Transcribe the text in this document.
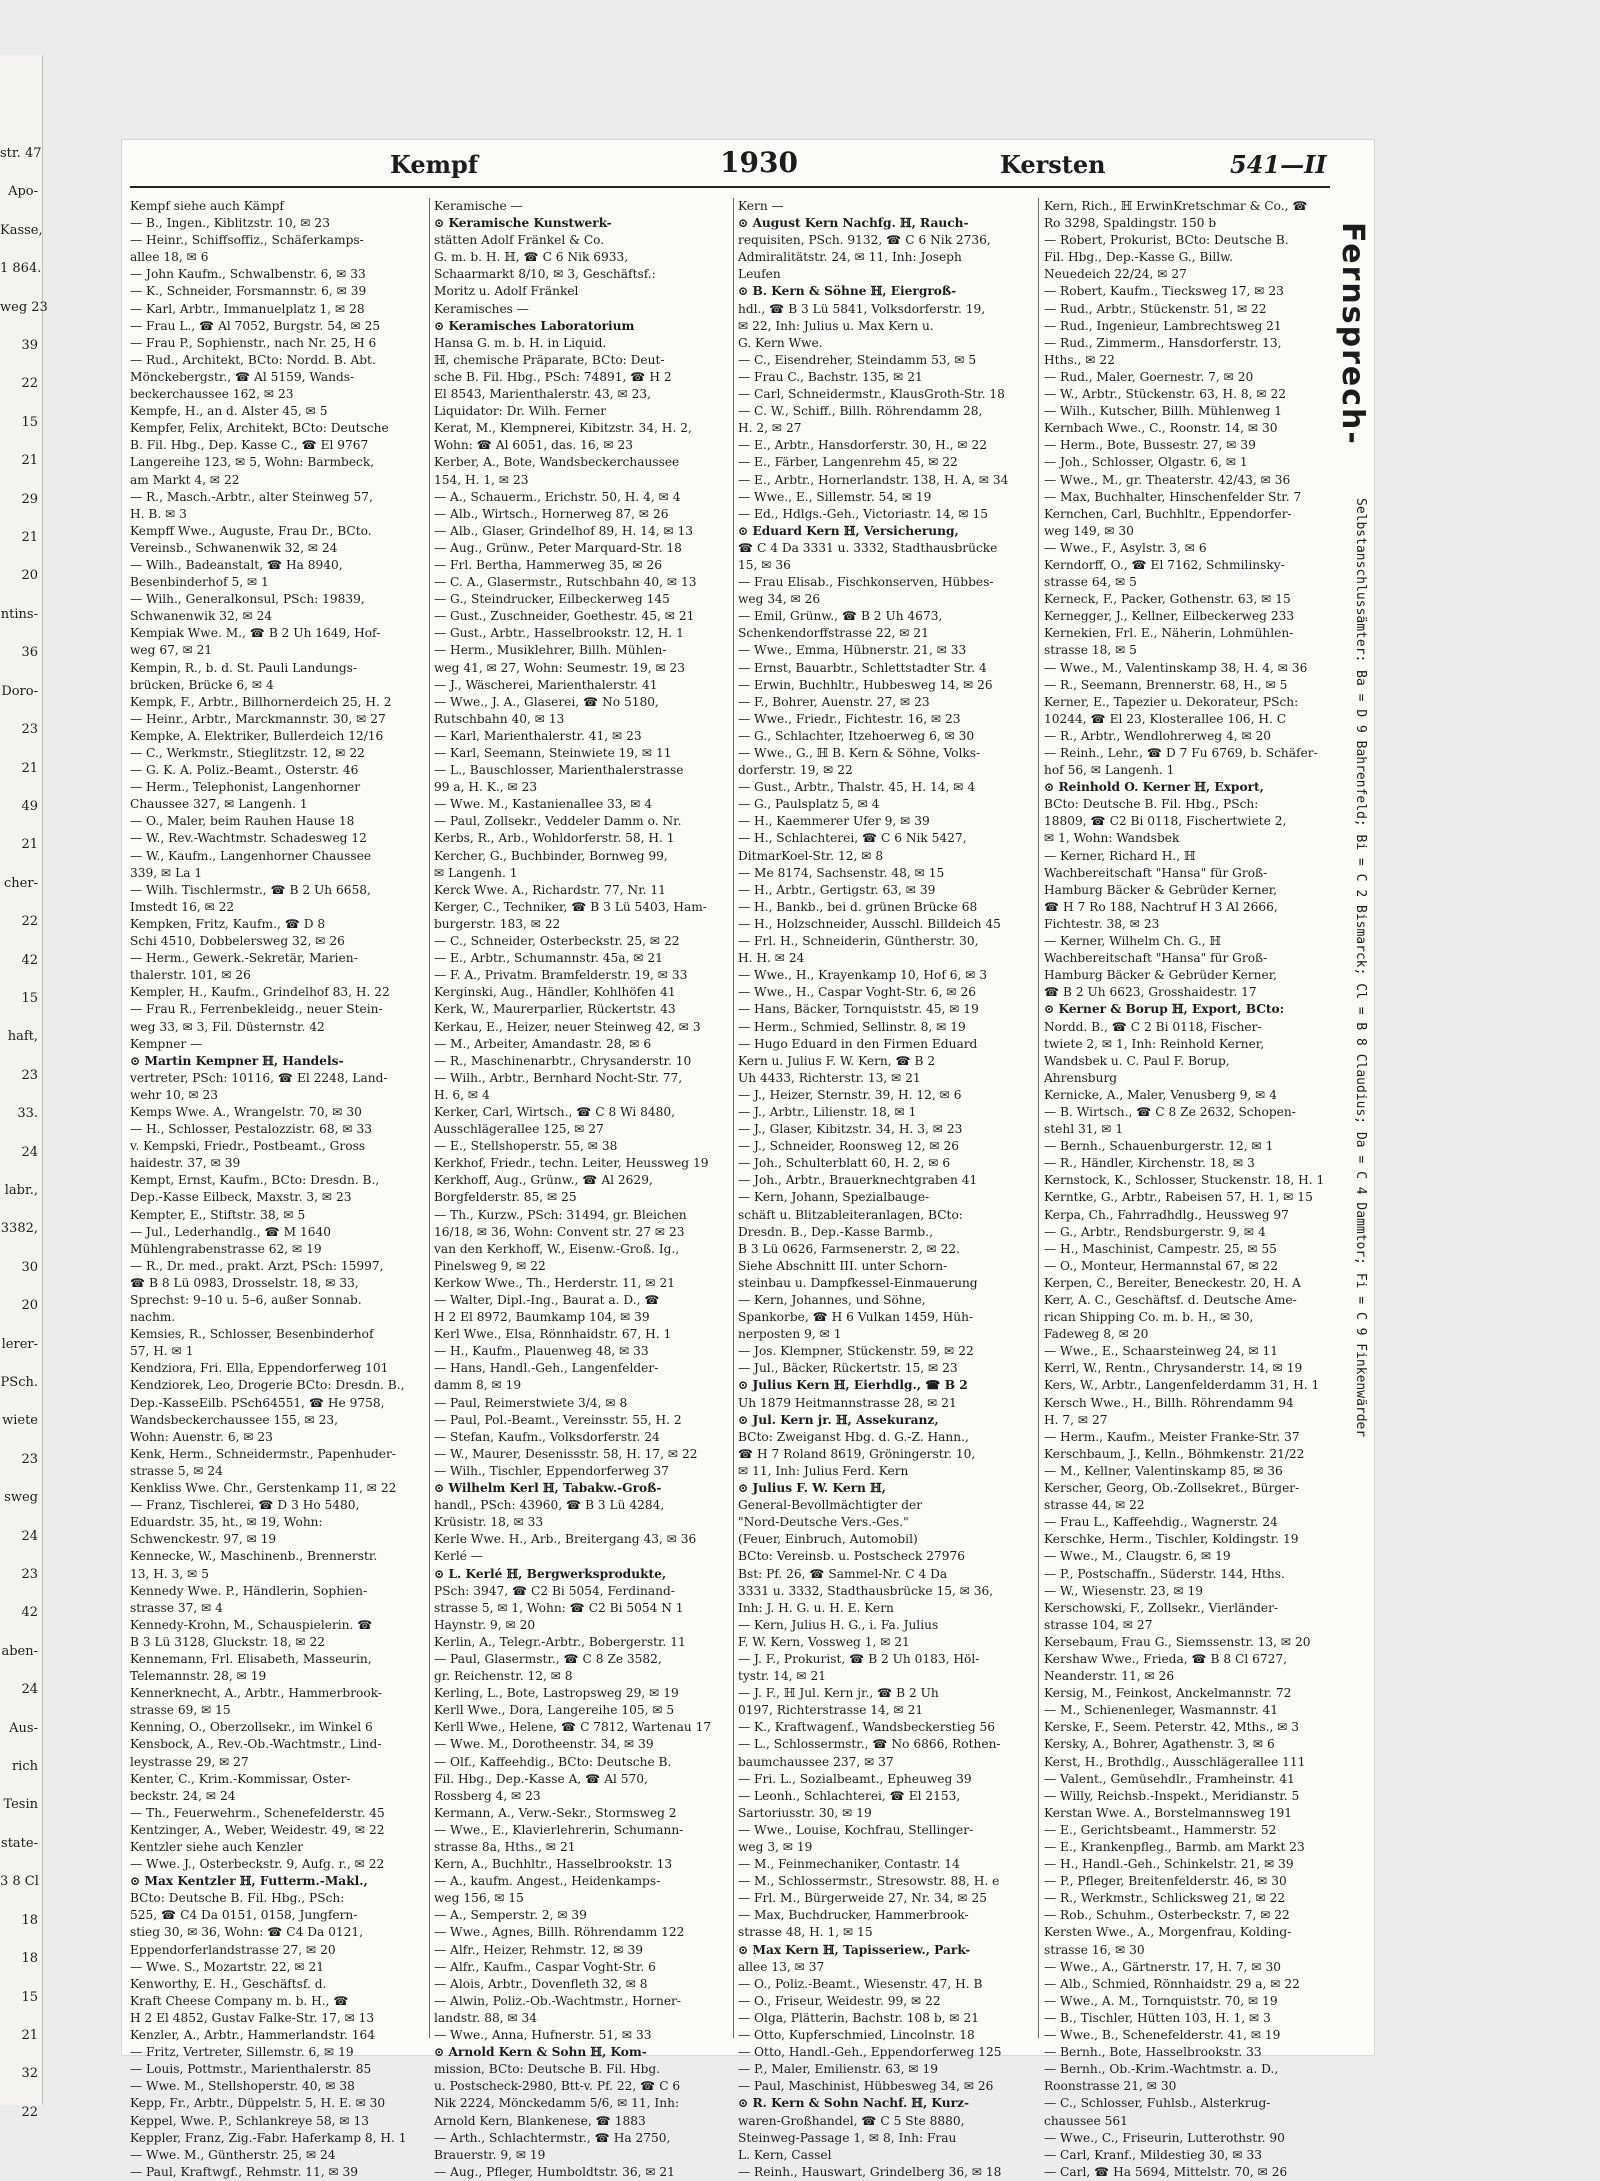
str. 47
Apo-
Kasse,
1 864.
weg 23
39
22
15
21
29
21
20
ntins-
36
Doro-
23
21
49
21
cher-
22
42
15
haft,
23
33.
24
labr.,
3382,
30
20
lerer-
PSch.
wiete
23
sweg
24
23
42
aben-
24
Aus-
rich
Tesin
state-
3 8 Cl
18
18
15
21
32
22
Kempf	1930	Kersten	541—II

Kempf siehe auch Kämpf

— B., Ingen., Kiblitzstr. 10, ✉ 23

— Heinr., Schiffsoffiz., Schäferkamps-

allee 18, ✉ 6

— John Kaufm., Schwalbenstr. 6, ✉ 33

— K., Schneider, Forsmannstr. 6, ✉ 39

— Karl, Arbtr., Immanuelplatz 1, ✉ 28

— Frau L., ☎ Al 7052, Burgstr. 54, ✉ 25

— Frau P., Sophienstr., nach Nr. 25, H 6

— Rud., Architekt, BCto: Nordd. B. Abt.

Mönckebergstr., ☎ Al 5159, Wands-

beckerchaussee 162, ✉ 23

Kempfe, H., an d. Alster 45, ✉ 5

Kempfer, Felix, Architekt, BCto: Deutsche

B. Fil. Hbg., Dep. Kasse C., ☎ El 9767

Langereihe 123, ✉ 5, Wohn: Barmbeck,

am Markt 4, ✉ 22

— R., Masch.-Arbtr., alter Steinweg 57,

H. B. ✉ 3

Kempff Wwe., Auguste, Frau Dr., BCto.

Vereinsb., Schwanenwik 32, ✉ 24

— Wilh., Badeanstalt, ☎ Ha 8940,

Besenbinderhof 5, ✉ 1

— Wilh., Generalkonsul, PSch: 19839,

Schwanenwik 32, ✉ 24

Kempiak Wwe. M., ☎ B 2 Uh 1649, Hof-

weg 67, ✉ 21

Kempin, R., b. d. St. Pauli Landungs-

brücken, Brücke 6, ✉ 4

Kempk, F., Arbtr., Billhornerdeich 25, H. 2

— Heinr., Arbtr., Marckmannstr. 30, ✉ 27

Kempke, A. Elektriker, Bullerdeich 12/16

— C., Werkmstr., Stieglitzstr. 12, ✉ 22

— G. K. A. Poliz.-Beamt., Osterstr. 46

— Herm., Telephonist, Langenhorner

Chaussee 327, ✉ Langenh. 1

— O., Maler, beim Rauhen Hause 18

— W., Rev.-Wachtmstr. Schadesweg 12

— W., Kaufm., Langenhorner Chaussee

339, ✉ La 1

— Wilh. Tischlermstr., ☎ B 2 Uh 6658,

Imstedt 16, ✉ 22

Kempken, Fritz, Kaufm., ☎ D 8

Schi 4510, Dobbelersweg 32, ✉ 26

— Herm., Gewerk.-Sekretär, Marien-

thalerstr. 101, ✉ 26

Kempler, H., Kaufm., Grindelhof 83, H. 22

— Frau R., Ferrenbekleidg., neuer Stein-

weg 33, ✉ 3, Fil. Düsternstr. 42

Kempner —

⊙ Martin Kempner ℍ, Handels-

vertreter, PSch: 10116, ☎ El 2248, Land-

wehr 10, ✉ 23

Kemps Wwe. A., Wrangelstr. 70, ✉ 30

— H., Schlosser, Pestalozzistr. 68, ✉ 33

v. Kempski, Friedr., Postbeamt., Gross

haidestr. 37, ✉ 39

Kempt, Ernst, Kaufm., BCto: Dresdn. B.,

Dep.-Kasse Eilbeck, Maxstr. 3, ✉ 23

Kempter, E., Stiftstr. 38, ✉ 5

— Jul., Lederhandlg., ☎ M 1640

Mühlengrabenstrasse 62, ✉ 19

— R., Dr. med., prakt. Arzt, PSch: 15997,

☎ B 8 Lü 0983, Drosselstr. 18, ✉ 33,

Sprechst: 9–10 u. 5–6, außer Sonnab.

nachm.

Kemsies, R., Schlosser, Besenbinderhof

57, H. ✉ 1

Kendziora, Fri. Ella, Eppendorferweg 101

Kendziorek, Leo, Drogerie BCto: Dresdn. B.,

Dep.-KasseEilb. PSch64551, ☎ He 9758,

Wandsbeckerchaussee 155, ✉ 23,

Wohn: Auenstr. 6, ✉ 23

Kenk, Herm., Schneidermstr., Papenhuder-

strasse 5, ✉ 24

Kenkliss Wwe. Chr., Gerstenkamp 11, ✉ 22

— Franz, Tischlerei, ☎ D 3 Ho 5480,

Eduardstr. 35, ht., ✉ 19, Wohn:

Schwenckestr. 97, ✉ 19

Kennecke, W., Maschinenb., Brennerstr.

13, H. 3, ✉ 5

Kennedy Wwe. P., Händlerin, Sophien-

strasse 37, ✉ 4

Kennedy-Krohn, M., Schauspielerin. ☎

B 3 Lü 3128, Gluckstr. 18, ✉ 22

Kennemann, Frl. Elisabeth, Masseurin,

Telemannstr. 28, ✉ 19

Kennerknecht, A., Arbtr., Hammerbrook-

strasse 69, ✉ 15

Kenning, O., Oberzollsekr., im Winkel 6

Kensbock, A., Rev.-Ob.-Wachtmstr., Lind-

leystrasse 29, ✉ 27

Kenter, C., Krim.-Kommissar, Oster-

beckstr. 24, ✉ 24

— Th., Feuerwehrm., Schenefelderstr. 45

Kentzinger, A., Weber, Weidestr. 49, ✉ 22

Kentzler siehe auch Kenzler

— Wwe. J., Osterbeckstr. 9, Aufg. r., ✉ 22

⊙ Max Kentzler ℍ, Futterm.-Makl.,

BCto: Deutsche B. Fil. Hbg., PSch:

525, ☎ C4 Da 0151, 0158, Jungfern-

stieg 30, ✉ 36, Wohn: ☎ C4 Da 0121,

Eppendorferlandstrasse 27, ✉ 20

— Wwe. S., Mozartstr. 22, ✉ 21

Kenworthy, E. H., Geschäftsf. d.

Kraft Cheese Company m. b. H., ☎

H 2 El 4852, Gustav Falke-Str. 17, ✉ 13

Kenzler, A., Arbtr., Hammerlandstr. 164

— Fritz, Vertreter, Sillemstr. 6, ✉ 19

— Louis, Pottmstr., Marienthalerstr. 85

— Wwe. M., Stellshoperstr. 40, ✉ 38

Kepp, Fr., Arbtr., Düppelstr. 5, H. E. ✉ 30

Keppel, Wwe. P., Schlankreye 58, ✉ 13

Keppler, Franz, Zig.-Fabr. Haferkamp 8, H. 1

— Wwe. M., Güntherstr. 25, ✉ 24

— Paul, Kraftwgf., Rehmstr. 11, ✉ 39

Keramische —

⊙ Keramische Kunstwerk-

stätten Adolf Fränkel & Co.

G. m. b. H. ℍ, ☎ C 6 Nik 6933,

Schaarmarkt 8/10, ✉ 3, Geschäftsf.:

Moritz u. Adolf Fränkel

Keramisches —

⊙ Keramisches Laboratorium

Hansa G. m. b. H. in Liquid.

ℍ, chemische Präparate, BCto: Deut-

sche B. Fil. Hbg., PSch: 74891, ☎ H 2

El 8543, Marienthalerstr. 43, ✉ 23,

Liquidator: Dr. Wilh. Ferner

Kerat, M., Klempnerei, Kibitzstr. 34, H. 2,

Wohn: ☎ Al 6051, das. 16, ✉ 23

Kerber, A., Bote, Wandsbeckerchaussee

154, H. 1, ✉ 23

— A., Schauerm., Erichstr. 50, H. 4, ✉ 4

— Alb., Wirtsch., Hornerweg 87, ✉ 26

— Alb., Glaser, Grindelhof 89, H. 14, ✉ 13

— Aug., Grünw., Peter Marquard-Str. 18

— Frl. Bertha, Hammerweg 35, ✉ 26

— C. A., Glasermstr., Rutschbahn 40, ✉ 13

— G., Steindrucker, Eilbeckerweg 145

— Gust., Zuschneider, Goethestr. 45, ✉ 21

— Gust., Arbtr., Hasselbrookstr. 12, H. 1

— Herm., Musiklehrer, Billh. Mühlen-

weg 41, ✉ 27, Wohn: Seumestr. 19, ✉ 23

— J., Wäscherei, Marienthalerstr. 41

— Wwe., J. A., Glaserei, ☎ No 5180,

Rutschbahn 40, ✉ 13

— Karl, Marienthalerstr. 41, ✉ 23

— Karl, Seemann, Steinwiete 19, ✉ 11

— L., Bauschlosser, Marienthalerstrasse

99 a, H. K., ✉ 23

— Wwe. M., Kastanienallee 33, ✉ 4

— Paul, Zollsekr., Veddeler Damm o. Nr.

Kerbs, R., Arb., Wohldorferstr. 58, H. 1

Kercher, G., Buchbinder, Bornweg 99,

✉ Langenh. 1

Kerck Wwe. A., Richardstr. 77, Nr. 11

Kerger, C., Techniker, ☎ B 3 Lü 5403, Ham-

burgerstr. 183, ✉ 22

— C., Schneider, Osterbeckstr. 25, ✉ 22

— E., Arbtr., Schumannstr. 45a, ✉ 21

— F. A., Privatm. Bramfelderstr. 19, ✉ 33

Kerginski, Aug., Händler, Kohlhöfen 41

Kerk, W., Maurerparlier, Rückertstr. 43

Kerkau, E., Heizer, neuer Steinweg 42, ✉ 3

— M., Arbeiter, Amandastr. 28, ✉ 6

— R., Maschinenarbtr., Chrysanderstr. 10

— Wilh., Arbtr., Bernhard Nocht-Str. 77,

H. 6, ✉ 4

Kerker, Carl, Wirtsch., ☎ C 8 Wi 8480,

Ausschlägerallee 125, ✉ 27

— E., Stellshoperstr. 55, ✉ 38

Kerkhof, Friedr., techn. Leiter, Heussweg 19

Kerkhoff, Aug., Grünw., ☎ Al 2629,

Borgfelderstr. 85, ✉ 25

— Th., Kurzw., PSch: 31494, gr. Bleichen

16/18, ✉ 36, Wohn: Convent str. 27 ✉ 23

van den Kerkhoff, W., Eisenw.-Groß. Ig.,

Pinelsweg 9, ✉ 22

Kerkow Wwe., Th., Herderstr. 11, ✉ 21

— Walter, Dipl.-Ing., Baurat a. D., ☎

H 2 El 8972, Baumkamp 104, ✉ 39

Kerl Wwe., Elsa, Rönnhaidstr. 67, H. 1

— H., Kaufm., Plauenweg 48, ✉ 33

— Hans, Handl.-Geh., Langenfelder-

damm 8, ✉ 19

— Paul, Reimerstwiete 3/4, ✉ 8

— Paul, Pol.-Beamt., Vereinsstr. 55, H. 2

— Stefan, Kaufm., Volksdorferstr. 24

— W., Maurer, Desenissstr. 58, H. 17, ✉ 22

— Wilh., Tischler, Eppendorferweg 37

⊙ Wilhelm Kerl ℍ, Tabakw.-Groß-

handl., PSch: 43960, ☎ B 3 Lü 4284,

Krüsistr. 18, ✉ 33

Kerle Wwe. H., Arb., Breitergang 43, ✉ 36

Kerlé —

⊙ L. Kerlé ℍ, Bergwerksprodukte,

PSch: 3947, ☎ C2 Bi 5054, Ferdinand-

strasse 5, ✉ 1, Wohn: ☎ C2 Bi 5054 N 1

Haynstr. 9, ✉ 20

Kerlin, A., Telegr.-Arbtr., Bobergerstr. 11

— Paul, Glasermstr., ☎ C 8 Ze 3582,

gr. Reichenstr. 12, ✉ 8

Kerling, L., Bote, Lastropsweg 29, ✉ 19

Kerll Wwe., Dora, Langereihe 105, ✉ 5

Kerll Wwe., Helene, ☎ C 7812, Wartenau 17

— Wwe. M., Dorotheenstr. 34, ✉ 39

— Olf., Kaffeehdig., BCto: Deutsche B.

Fil. Hbg., Dep.-Kasse A, ☎ Al 570,

Rossberg 4, ✉ 23

Kermann, A., Verw.-Sekr., Stormsweg 2

— Wwe., E., Klavierlehrerin, Schumann-

strasse 8a, Hths., ✉ 21

Kern, A., Buchhltr., Hasselbrookstr. 13

— A., kaufm. Angest., Heidenkamps-

weg 156, ✉ 15

— A., Semperstr. 2, ✉ 39

— Wwe., Agnes, Billh. Röhrendamm 122

— Alfr., Heizer, Rehmstr. 12, ✉ 39

— Alfr., Kaufm., Caspar Voght-Str. 6

— Alois, Arbtr., Dovenfleth 32, ✉ 8

— Alwin, Poliz.-Ob.-Wachtmstr., Horner-

landstr. 88, ✉ 34

— Wwe., Anna, Hufnerstr. 51, ✉ 33

⊙ Arnold Kern & Sohn ℍ, Kom-

mission, BCto: Deutsche B. Fil. Hbg.

u. Postscheck-2980, Btt-v. Pf. 22, ☎ C 6

Nik 2224, Mönckedamm 5/6, ✉ 11, Inh:

Arnold Kern, Blankenese, ☎ 1883

— Arth., Schlachtermstr., ☎ Ha 2750,

Brauerstr. 9, ✉ 19

— Aug., Pfleger, Humboldtstr. 36, ✉ 21

Kern —

⊙ August Kern Nachfg. ℍ, Rauch-

requisiten, PSch. 9132, ☎ C 6 Nik 2736,

Admiralitätstr. 24, ✉ 11, Inh: Joseph

Leufen

⊙ B. Kern & Söhne ℍ, Eiergroß-

hdl., ☎ B 3 Lü 5841, Volksdorferstr. 19,

✉ 22, Inh: Julius u. Max Kern u.

G. Kern Wwe.

— C., Eisendreher, Steindamm 53, ✉ 5

— Frau C., Bachstr. 135, ✉ 21

— Carl, Schneidermstr., KlausGroth-Str. 18

— C. W., Schiff., Billh. Röhrendamm 28,

H. 2, ✉ 27

— E., Arbtr., Hansdorferstr. 30, H., ✉ 22

— E., Färber, Langenrehm 45, ✉ 22

— E., Arbtr., Hornerlandstr. 138, H. A, ✉ 34

— Wwe., E., Sillemstr. 54, ✉ 19

— Ed., Hdlgs.-Geh., Victoriastr. 14, ✉ 15

⊙ Eduard Kern ℍ, Versicherung,

☎ C 4 Da 3331 u. 3332, Stadthausbrücke

15, ✉ 36

— Frau Elisab., Fischkonserven, Hübbes-

weg 34, ✉ 26

— Emil, Grünw., ☎ B 2 Uh 4673,

Schenkendorffstrasse 22, ✉ 21

— Wwe., Emma, Hübnerstr. 21, ✉ 33

— Ernst, Bauarbtr., Schlettstadter Str. 4

— Erwin, Buchhltr., Hubbesweg 14, ✉ 26

— F., Bohrer, Auenstr. 27, ✉ 23

— Wwe., Friedr., Fichtestr. 16, ✉ 23

— G., Schlachter, Itzehoerweg 6, ✉ 30

— Wwe., G., ℍ B. Kern & Söhne, Volks-

dorferstr. 19, ✉ 22

— Gust., Arbtr., Thalstr. 45, H. 14, ✉ 4

— G., Paulsplatz 5, ✉ 4

— H., Kaemmerer Ufer 9, ✉ 39

— H., Schlachterei, ☎ C 6 Nik 5427,

DitmarKoel-Str. 12, ✉ 8

— Me 8174, Sachsenstr. 48, ✉ 15

— H., Arbtr., Gertigstr. 63, ✉ 39

— H., Bankb., bei d. grünen Brücke 68

— H., Holzschneider, Ausschl. Billdeich 45

— Frl. H., Schneiderin, Güntherstr. 30,

H. H. ✉ 24

— Wwe., H., Krayenkamp 10, Hof 6, ✉ 3

— Wwe., H., Caspar Voght-Str. 6, ✉ 26

— Hans, Bäcker, Tornquiststr. 45, ✉ 19

— Herm., Schmied, Sellinstr. 8, ✉ 19

— Hugo Eduard in den Firmen Eduard

Kern u. Julius F. W. Kern, ☎ B 2

Uh 4433, Richterstr. 13, ✉ 21

— J., Heizer, Sternstr. 39, H. 12, ✉ 6

— J., Arbtr., Lilienstr. 18, ✉ 1

— J., Glaser, Kibitzstr. 34, H. 3, ✉ 23

— J., Schneider, Roonsweg 12, ✉ 26

— Joh., Schulterblatt 60, H. 2, ✉ 6

— Joh., Arbtr., Brauerknechtgraben 41

— Kern, Johann, Spezialbauge-

schäft u. Blitzableiteranlagen, BCto:

Dresdn. B., Dep.-Kasse Barmb.,

B 3 Lü 0626, Farmsenerstr. 2, ✉ 22.

Siehe Abschnitt III. unter Schorn-

steinbau u. Dampfkessel-Einmauerung

— Kern, Johannes, und Söhne,

Spankorbe, ☎ H 6 Vulkan 1459, Hüh-

nerposten 9, ✉ 1

— Jos. Klempner, Stückenstr. 59, ✉ 22

— Jul., Bäcker, Rückertstr. 15, ✉ 23

⊙ Julius Kern ℍ, Eierhdlg., ☎ B 2

Uh 1879 Heitmannstrasse 28, ✉ 21

⊙ Jul. Kern jr. ℍ, Assekuranz,

BCto: Zweiganst Hbg. d. G.-Z. Hann.,

☎ H 7 Roland 8619, Gröningerstr. 10,

✉ 11, Inh: Julius Ferd. Kern

⊙ Julius F. W. Kern ℍ,

General-Bevollmächtigter der

"Nord-Deutsche Vers.-Ges."

(Feuer, Einbruch, Automobil)

BCto: Vereinsb. u. Postscheck 27976

Bst: Pf. 26, ☎ Sammel-Nr. C 4 Da

3331 u. 3332, Stadthausbrücke 15, ✉ 36,

Inh: J. H. G. u. H. E. Kern

— Kern, Julius H. G., i. Fa. Julius

F. W. Kern, Vossweg 1, ✉ 21

— J. F., Prokurist, ☎ B 2 Uh 0183, Höl-

tystr. 14, ✉ 21

— J. F., ℍ Jul. Kern jr., ☎ B 2 Uh

0197, Richterstrasse 14, ✉ 21

— K., Kraftwagenf., Wandsbeckerstieg 56

— L., Schlossermstr., ☎ No 6866, Rothen-

baumchaussee 237, ✉ 37

— Fri. L., Sozialbeamt., Epheuweg 39

— Leonh., Schlachterei, ☎ El 2153,

Sartoriusstr. 30, ✉ 19

— Wwe., Louise, Kochfrau, Stellinger-

weg 3, ✉ 19

— M., Feinmechaniker, Contastr. 14

— M., Schlossermstr., Stresowstr. 88, H. e

— Frl. M., Bürgerweide 27, Nr. 34, ✉ 25

— Max, Buchdrucker, Hammerbrook-

strasse 48, H. 1, ✉ 15

⊙ Max Kern ℍ, Tapisseriew., Park-

allee 13, ✉ 37

— O., Poliz.-Beamt., Wiesenstr. 47, H. B

— O., Friseur, Weidestr. 99, ✉ 22

— Olga, Plätterin, Bachstr. 108 b, ✉ 21

— Otto, Kupferschmied, Lincolnstr. 18

— Otto, Handl.-Geh., Eppendorferweg 125

— P., Maler, Emilienstr. 63, ✉ 19

— Paul, Maschinist, Hübbesweg 34, ✉ 26

⊙ R. Kern & Sohn Nachf. ℍ, Kurz-

waren-Großhandel, ☎ C 5 Ste 8880,

Steinweg-Passage 1, ✉ 8, Inh: Frau

L. Kern, Cassel

— Reinh., Hauswart, Grindelberg 36, ✉ 18

Kern, Rich., ℍ ErwinKretschmar & Co., ☎

Ro 3298, Spaldingstr. 150 b

— Robert, Prokurist, BCto: Deutsche B.

Fil. Hbg., Dep.-Kasse G., Billw.

Neuedeich 22/24, ✉ 27

— Robert, Kaufm., Tiecksweg 17, ✉ 23

— Rud., Arbtr., Stückenstr. 51, ✉ 22

— Rud., Ingenieur, Lambrechtsweg 21

— Rud., Zimmerm., Hansdorferstr. 13,

Hths., ✉ 22

— Rud., Maler, Goernestr. 7, ✉ 20

— W., Arbtr., Stückenstr. 63, H. 8, ✉ 22

— Wilh., Kutscher, Billh. Mühlenweg 1

Kernbach Wwe., C., Roonstr. 14, ✉ 30

— Herm., Bote, Bussestr. 27, ✉ 39

— Joh., Schlosser, Olgastr. 6, ✉ 1

— Wwe., M., gr. Theaterstr. 42/43, ✉ 36

— Max, Buchhalter, Hinschenfelder Str. 7

Kernchen, Carl, Buchhltr., Eppendorfer-

weg 149, ✉ 30

— Wwe., F., Asylstr. 3, ✉ 6

Kerndorff, O., ☎ El 7162, Schmilinsky-

strasse 64, ✉ 5

Kerneck, F., Packer, Gothenstr. 63, ✉ 15

Kernegger, J., Kellner, Eilbeckerweg 233

Kernekien, Frl. E., Näherin, Lohmühlen-

strasse 18, ✉ 5

— Wwe., M., Valentinskamp 38, H. 4, ✉ 36

— R., Seemann, Brennerstr. 68, H., ✉ 5

Kerner, E., Tapezier u. Dekorateur, PSch:

10244, ☎ El 23, Klosterallee 106, H. C

— R., Arbtr., Wendlohrerweg 4, ✉ 20

— Reinh., Lehr., ☎ D 7 Fu 6769, b. Schäfer-

hof 56, ✉ Langenh. 1

⊙ Reinhold O. Kerner ℍ, Export,

BCto: Deutsche B. Fil. Hbg., PSch:

18809, ☎ C2 Bi 0118, Fischertwiete 2,

✉ 1, Wohn: Wandsbek

— Kerner, Richard H., ℍ

Wachbereitschaft "Hansa" für Groß-

Hamburg Bäcker & Gebrüder Kerner,

☎ H 7 Ro 188, Nachtruf H 3 Al 2666,

Fichtestr. 38, ✉ 23

— Kerner, Wilhelm Ch. G., ℍ

Wachbereitschaft "Hansa" für Groß-

Hamburg Bäcker & Gebrüder Kerner,

☎ B 2 Uh 6623, Grosshaidestr. 17

⊙ Kerner & Borup ℍ, Export, BCto:

Nordd. B., ☎ C 2 Bi 0118, Fischer-

twiete 2, ✉ 1, Inh: Reinhold Kerner,

Wandsbek u. C. Paul F. Borup,

Ahrensburg

Kernicke, A., Maler, Venusberg 9, ✉ 4

— B. Wirtsch., ☎ C 8 Ze 2632, Schopen-

stehl 31, ✉ 1

— Bernh., Schauenburgerstr. 12, ✉ 1

— R., Händler, Kirchenstr. 18, ✉ 3

Kernstock, K., Schlosser, Stuckenstr. 18, H. 1

Kerntke, G., Arbtr., Rabeisen 57, H. 1, ✉ 15

Kerpa, Ch., Fahrradhdlg., Heussweg 97

— G., Arbtr., Rendsburgerstr. 9, ✉ 4

— H., Maschinist, Campestr. 25, ✉ 55

— O., Monteur, Hermannstal 67, ✉ 22

Kerpen, C., Bereiter, Beneckestr. 20, H. A

Kerr, A. C., Geschäftsf. d. Deutsche Ame-

rican Shipping Co. m. b. H., ✉ 30,

Fadeweg 8, ✉ 20

— Wwe., E., Schaarsteinweg 24, ✉ 11

Kerrl, W., Rentn., Chrysanderstr. 14, ✉ 19

Kers, W., Arbtr., Langenfelderdamm 31, H. 1

Kersch Wwe., H., Billh. Röhrendamm 94

H. 7, ✉ 27

— Herm., Kaufm., Meister Franke-Str. 37

Kerschbaum, J., Kelln., Böhmkenstr. 21/22

— M., Kellner, Valentinskamp 85, ✉ 36

Kerscher, Georg, Ob.-Zollsekret., Bürger-

strasse 44, ✉ 22

— Frau L., Kaffeehdig., Wagnerstr. 24

Kerschke, Herm., Tischler, Koldingstr. 19

— Wwe., M., Claugstr. 6, ✉ 19

— P., Postschaffn., Süderstr. 144, Hths.

— W., Wiesenstr. 23, ✉ 19

Kerschowski, F., Zollsekr., Vierländer-

strasse 104, ✉ 27

Kersebaum, Frau G., Siemssenstr. 13, ✉ 20

Kershaw Wwe., Frieda, ☎ B 8 Cl 6727,

Neanderstr. 11, ✉ 26

Kersig, M., Feinkost, Anckelmannstr. 72

— M., Schienenleger, Wasmannstr. 41

Kerske, F., Seem. Peterstr. 42, Mths., ✉ 3

Kersky, A., Bohrer, Agathenstr. 3, ✉ 6

Kerst, H., Brothdlg., Ausschlägerallee 111

— Valent., Gemüsehdlr., Framheinstr. 41

— Willy, Reichsb.-Inspekt., Meridianstr. 5

Kerstan Wwe. A., Borstelmannsweg 191

— E., Gerichtsbeamt., Hammerstr. 52

— E., Krankenpfleg., Barmb. am Markt 23

— H., Handl.-Geh., Schinkelstr. 21, ✉ 39

— P., Pfleger, Breitenfelderstr. 46, ✉ 30

— R., Werkmstr., Schlicksweg 21, ✉ 22

— Rob., Schuhm., Osterbeckstr. 7, ✉ 22

Kersten Wwe., A., Morgenfrau, Kolding-

strasse 16, ✉ 30

— Wwe., A., Gärtnerstr. 17, H. 7, ✉ 30

— Alb., Schmied, Rönnhaidstr. 29 a, ✉ 22

— Wwe., A. M., Tornquiststr. 70, ✉ 19

— B., Tischler, Hütten 103, H. 1, ✉ 3

— Wwe., B., Schenefelderstr. 41, ✉ 19

— Bernh., Bote, Hasselbrookstr. 33

— Bernh., Ob.-Krim.-Wachtmstr. a. D.,

Roonstrasse 21, ✉ 30

— C., Schlosser, Fuhlsb., Alsterkrug-

chaussee 561

— Wwe., C., Friseurin, Lutterothstr. 90

— Carl, Kranf., Mildestieg 30, ✉ 33

— Carl, ☎ Ha 5694, Mittelstr. 70, ✉ 26

Fernsprech-
Selbstanschlussämter: Ba = D 9 Bahrenfeld; Bi = C 2 Bismarck; Cl = B 8 Claudius; Da = C 4 Dammtor; Fi = C 9 Finkenwärder
